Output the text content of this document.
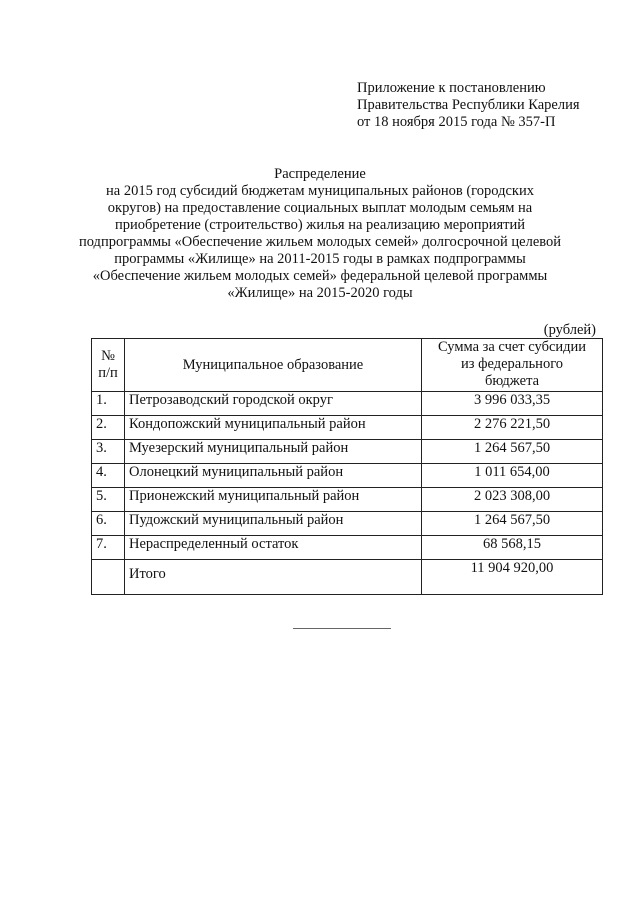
Приложение к постановлению
Правительства Республики Карелия
от 18 ноября 2015 года № 357-П
Распределение
на 2015 год субсидий бюджетам муниципальных районов (городских
округов) на предоставление социальных выплат молодым семьям на
приобретение (строительство) жилья на реализацию мероприятий
подпрограммы «Обеспечение жильем молодых семей» долгосрочной целевой
программы «Жилище» на 2011-2015 годы в рамках подпрограммы
«Обеспечение жильем молодых семей» федеральной целевой программы
«Жилище» на 2015-2020 годы
(рублей)
№
п/п	Муниципальное образование	Сумма за счет субсидии
из федерального
бюджета

1.	Петрозаводский городской округ	3 996 033,35
2.	Кондопожский муниципальный район	2 276 221,50
3.	Муезерский муниципальный район	1 264 567,50
4.	Олонецкий муниципальный район	1 011 654,00
5.	Прионежский муниципальный район	2 023 308,00
6.	Пудожский муниципальный район	1 264 567,50
7.	Нераспределенный остаток	68 568,15
	Итого	11 904 920,00
